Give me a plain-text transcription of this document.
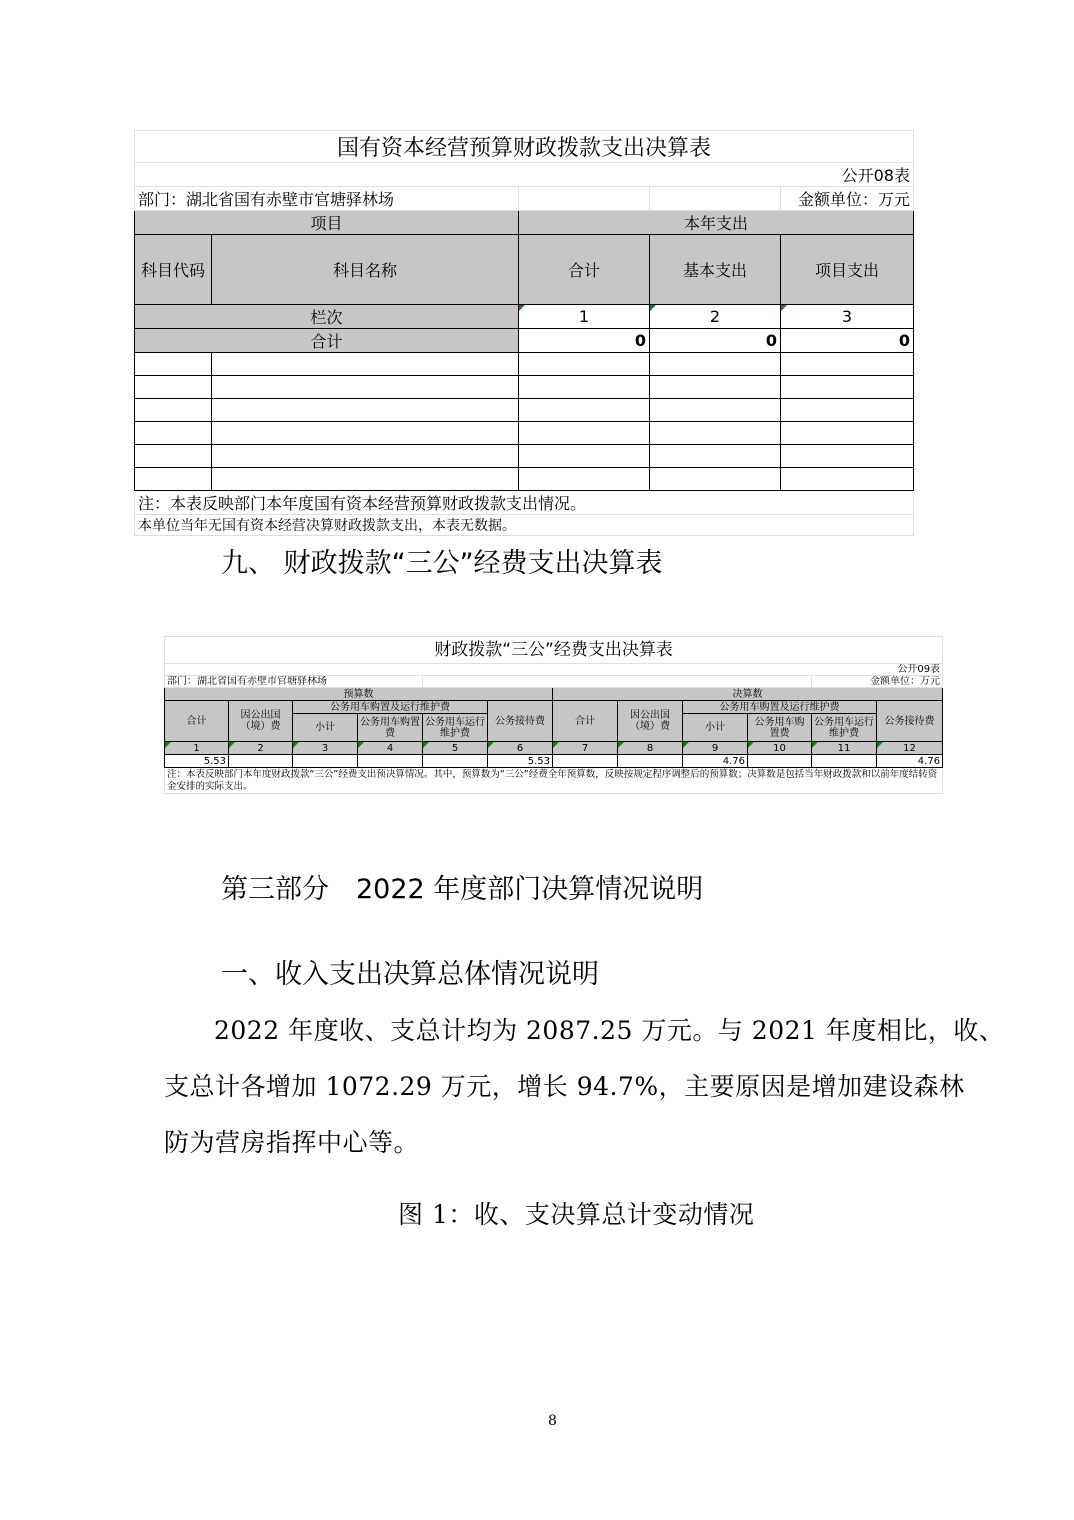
国有资本经营预算财政拨款支出决算表				
公开08表				
部门：湖北省国有赤壁市官塘驿林场				金额单位：万元
项目		本年支出		
科目代码	科目名称	合计	基本支出	项目支出
栏次		1	2	3
合计		0	0	0

注：本表反映部门本年度国有资本经营预算财政拨款支出情况。				
本单位当年无国有资本经营决算财政拨款支出，本表无数据。				
九、 财政拨款“三公”经费支出决算表
财政拨款“三公”经费支出决算表											
公开09表											
部门：湖北省国有赤壁市官塘驿林场										金额单位：万元	
预算数						决算数					
合计	因公出国（境）费	公务用车购置及运行维护费			公务接待费	合计	因公出国（境）费	公务用车购置及运行维护费			公务接待费
		小计	公务用车购置费	公务用车运行维护费				小计	公务用车购置费	公务用车运行维护费	
1	2	3	4	5	6	7	8	9	10	11	12
5.53					5.53			4.76			4.76
注：本表反映部门本年度财政拨款“三公”经费支出预决算情况。其中，预算数为“三公”经费全年预算数，反映按规定程序调整后的预算数；决算数是包括当年财政拨款和以前年度结转资金安排的实际支出。											
第三部分　2022 年度部门决算情况说明
一、收入支出决算总体情况说明
2022 年度收、支总计均为 2087.25 万元。与 2021 年度相比，收、
支总计各增加 1072.29 万元，增长 94.7%，主要原因是增加建设森林
防为营房指挥中心等。
图 1：收、支决算总计变动情况
8
